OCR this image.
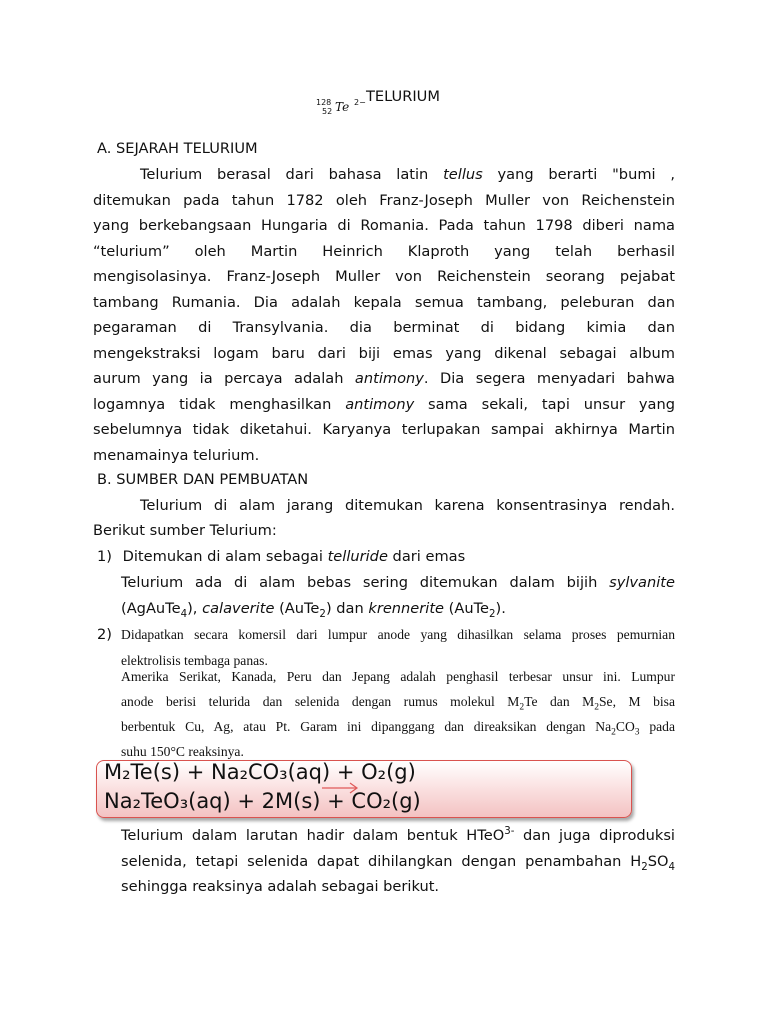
128
52 Te 2− TELURIUM
A. SEJARAH TELURIUM
Telurium berasal dari bahasa latin tellus yang berarti "bumi ,
ditemukan pada tahun 1782 oleh Franz-Joseph Muller von Reichenstein
yang berkebangsaan Hungaria di Romania. Pada tahun 1798 diberi nama
“telurium” oleh Martin Heinrich Klaproth yang telah berhasil
mengisolasinya. Franz-Joseph Muller von Reichenstein seorang pejabat
tambang Rumania. Dia adalah kepala semua tambang, peleburan dan
pegaraman di Transylvania. dia berminat di bidang kimia dan
mengekstraksi logam baru dari biji emas yang dikenal sebagai album
aurum yang ia percaya adalah antimony. Dia segera menyadari bahwa
logamnya tidak menghasilkan antimony sama sekali, tapi unsur yang
sebelumnya tidak diketahui. Karyanya terlupakan sampai akhirnya Martin
menamainya telurium.
B. SUMBER DAN PEMBUATAN
Telurium di alam jarang ditemukan karena konsentrasinya rendah.
Berikut sumber Telurium:
1) Ditemukan di alam sebagai telluride dari emas
Telurium ada di alam bebas sering ditemukan dalam bijih sylvanite
(AgAuTe$_4$), calaverite (AuTe$_2$) dan krennerite (AuTe$_2$).
2) Didapatkan secara komersil dari lumpur anode yang dihasilkan selama proses pemurnian
elektrolisis tembaga panas.
Amerika Serikat, Kanada, Peru dan Jepang adalah penghasil terbesar unsur ini. Lumpur
anode berisi telurida dan selenida dengan rumus molekul $M_2Te$ dan $M_2Se$, M bisa
berbentuk Cu, Ag, atau Pt. Garam ini dipanggang dan direaksikan dengan $Na_2CO_3$ pada
suhu 150°C reaksinya.
M₂Te(s) + Na₂CO₃(aq) + O₂(g)
Na₂TeO₃(aq) + 2M(s) + CO₂(g)
Telurium dalam larutan hadir dalam bentuk HTeO$^{3-}$ dan juga diproduksi
selenida, tetapi selenida dapat dihilangkan dengan penambahan $H_2SO_4$
sehingga reaksinya adalah sebagai berikut.
